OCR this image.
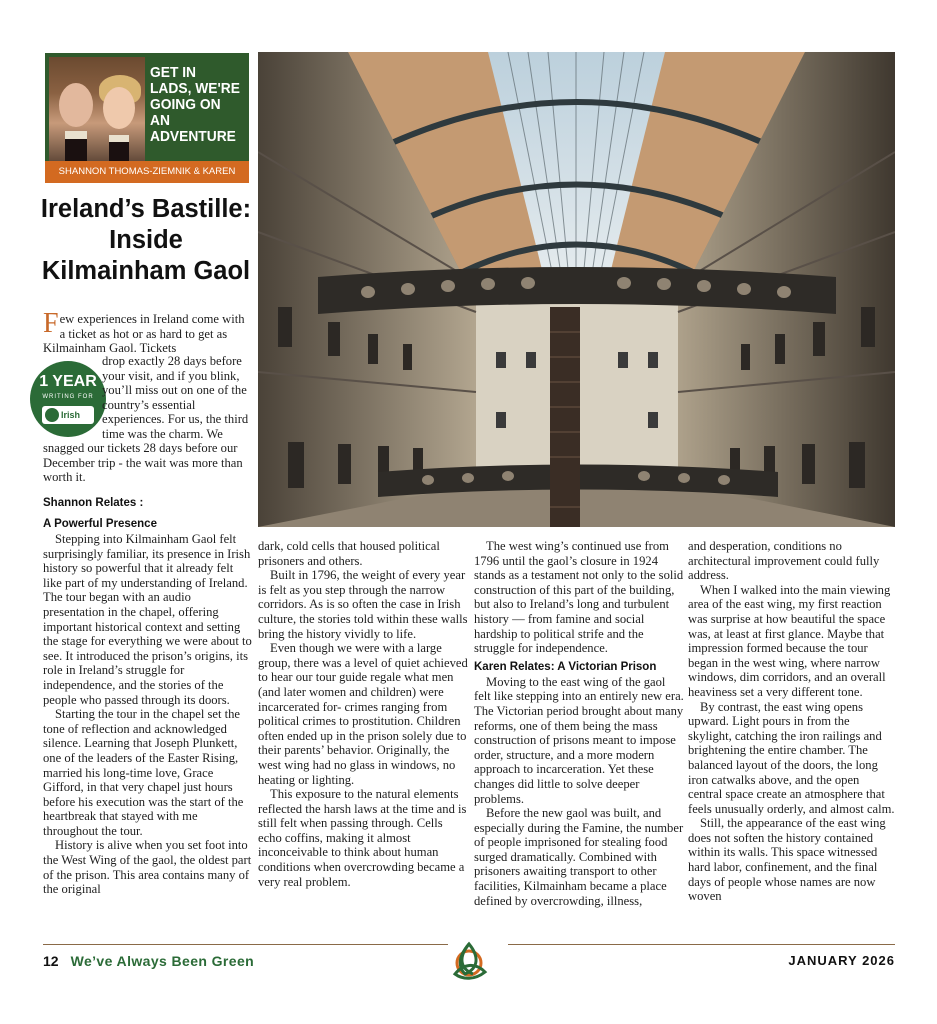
GET IN LADS, WE'RE GOING ON AN ADVENTURE
SHANNON THOMAS-ZIEMNIK & KAREN
Ireland’s Bastille: Inside Kilmainham Gaol
Few experiences in Ireland come with a ticket as hot or as hard to get as Kilmainham Gaol. Tickets
1 YEAR
WRITING FOR
Irish
drop exactly 28 days before your visit, and if you blink, you’ll miss out on one of the country’s essential experiences. For us, the third time was the charm. We
snagged our tickets 28 days before our December trip - the wait was more than worth it.
Shannon Relates :
A Powerful Presence

Stepping into Kilmainham Gaol felt surprisingly familiar, its presence in Irish history so powerful that it already felt like part of my understanding of Ireland. The tour began with an audio presentation in the chapel, offering important historical context and setting the stage for everything we were about to see. It introduced the prison’s origins, its role in Ireland’s struggle for independence, and the stories of the people who passed through its doors.

Starting the tour in the chapel set the tone of reflection and acknowledged silence. Learning that Joseph Plunkett, one of the leaders of the Easter Rising, married his long-time love, Grace Gifford, in that very chapel just hours before his execution was the start of the heartbreak that stayed with me throughout the tour.

History is alive when you set foot into the West Wing of the gaol, the oldest part of the prison. This area contains many of the original

dark, cold cells that housed political prisoners and others.

Built in 1796, the weight of every year is felt as you step through the narrow corridors. As is so often the case in Irish culture, the stories told within these walls bring the history vividly to life.

Even though we were with a large group, there was a level of quiet achieved to hear our tour guide regale what men (and later women and children) were incarcerated for- crimes ranging from political crimes to prostitution. Children often ended up in the prison solely due to their parents’ behavior. Originally, the west wing had no glass in windows, no heating or lighting.

This exposure to the natural elements reflected the harsh laws at the time and is still felt when passing through. Cells echo coffins, making it almost inconceivable to think about human conditions when overcrowding became a very real problem.

The west wing’s continued use from 1796 until the gaol’s closure in 1924 stands as a testament not only to the solid construction of this part of the building, but also to Ireland’s long and turbulent history — from famine and social hardship to political strife and the struggle for independence.

Karen Relates: A Victorian Prison

Moving to the east wing of the gaol felt like stepping into an entirely new era. The Victorian period brought about many reforms, one of them being the mass construction of prisons meant to impose order, structure, and a more modern approach to incarceration. Yet these changes did little to solve deeper problems.

Before the new gaol was built, and especially during the Famine, the number of people imprisoned for stealing food surged dramatically. Combined with prisoners awaiting transport to other facilities, Kilmainham became a place defined by overcrowding, illness,

and desperation, conditions no architectural improvement could fully address.

When I walked into the main viewing area of the east wing, my first reaction was surprise at how beautiful the space was, at least at first glance. Maybe that impression formed because the tour began in the west wing, where narrow windows, dim corridors, and an overall heaviness set a very different tone.

By contrast, the east wing opens upward. Light pours in from the skylight, catching the iron railings and brightening the entire chamber. The balanced layout of the doors, the long iron catwalks above, and the open central space create an atmosphere that feels unusually orderly, and almost calm.

Still, the appearance of the east wing does not soften the history contained within its walls. This space witnessed hard labor, confinement, and the final days of people whose names are now woven

12 We’ve Always Been Green	JANUARY 2026
